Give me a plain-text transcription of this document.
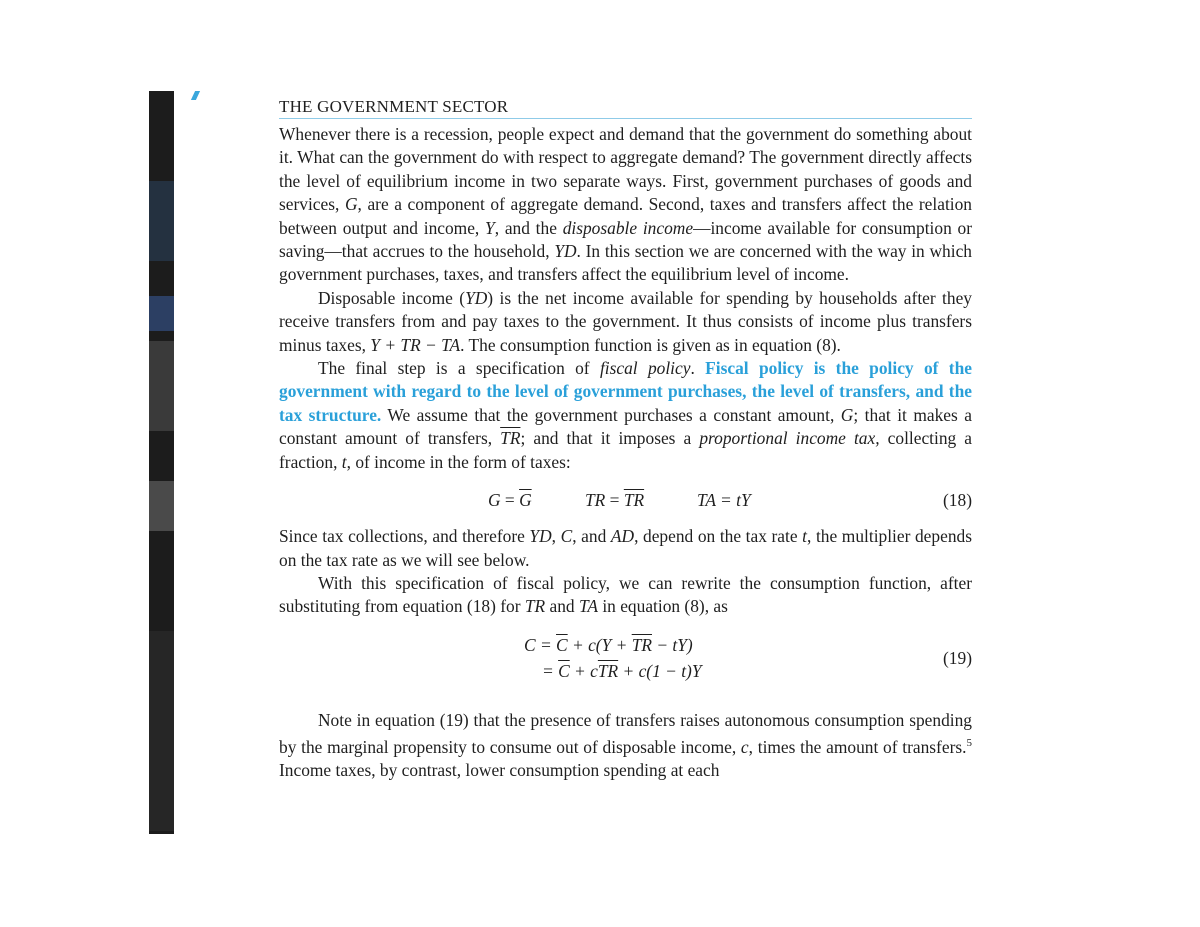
THE GOVERNMENT SECTOR

Whenever there is a recession, people expect and demand that the government do something about it. What can the government do with respect to aggregate demand? The government directly affects the level of equilibrium income in two separate ways. First, government purchases of goods and services, G, are a component of aggregate demand. Second, taxes and transfers affect the relation between output and income, Y, and the disposable income—income available for consumption or saving—that accrues to the household, YD. In this section we are concerned with the way in which government purchases, taxes, and transfers affect the equilibrium level of income.

Disposable income (YD) is the net income available for spending by households after they receive transfers from and pay taxes to the government. It thus consists of income plus transfers minus taxes, Y + TR − TA. The consumption function is given as in equation (8).

The final step is a specification of fiscal policy. Fiscal policy is the policy of the government with regard to the level of government purchases, the level of transfers, and the tax structure. We assume that the government purchases a constant amount, G; that it makes a constant amount of transfers, $\overline{TR}$; and that it imposes a proportional income tax, collecting a fraction, t, of income in the form of taxes:

$G = \overline{G}$	TR = $\overline{TR}$	TA = tY	(18)

Since tax collections, and therefore YD, C, and AD, depend on the tax rate t, the multiplier depends on the tax rate as we will see below.

With this specification of fiscal policy, we can rewrite the consumption function, after substituting from equation (18) for TR and TA in equation (8), as

$C = \overline{C} + c(Y + \overline{TR} - tY)$
= $\overline{C} + c\overline{TR} + c(1 - t)Y$
(19)

Note in equation (19) that the presence of transfers raises autonomous consumption spending by the marginal propensity to consume out of disposable income, c, times the amount of transfers.$^5$ Income taxes, by contrast, lower consumption spending at each
